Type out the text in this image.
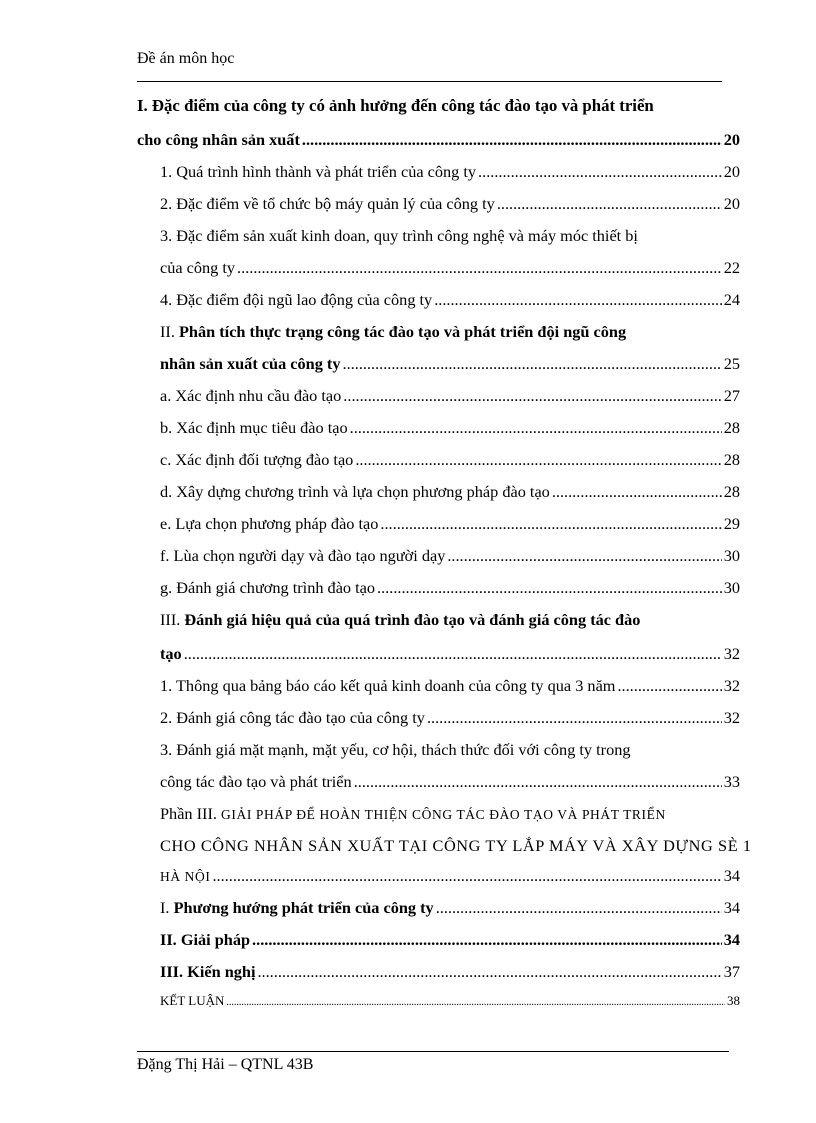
Đề án môn học
I. Đặc điểm của công ty có ảnh hưởng đến công tác đào tạo và phát triển
cho công nhân sản xuất .....	20
1. Quá trình hình thành và phát triển của công ty .....	20
2. Đặc điểm về tổ chức bộ máy quản lý của công ty .....	20
3. Đặc điểm sản xuất kinh doan, quy trình công nghệ và máy móc thiết bị
của công ty .....	22
4. Đặc điểm đội ngũ lao động của công ty .....	24
II. Phân tích thực trạng công tác đào tạo và phát triển đội ngũ công
nhân sản xuất của công ty .....	25
a. Xác định nhu cầu đào tạo .....	27
b. Xác định mục tiêu đào tạo .....	28
c. Xác định đối tượng đào tạo .....	28
d. Xây dựng chương trình và lựa chọn phương pháp đào tạo .....	28
e. Lựa chọn phương pháp đào tạo .....	29
f. Lùa chọn người dạy và đào tạo người dạy .....	30
g. Đánh giá chương trình đào tạo .....	30
III. Đánh giá hiệu quả của quá trình đào tạo và đánh giá công tác đào
tạo .....	32
1. Thông qua bảng báo cáo kết quả kinh doanh của công ty qua 3 năm .....	32
2. Đánh giá công tác đào tạo của công ty .....	32
3. Đánh giá mặt mạnh, mặt yếu, cơ hội, thách thức đối với công ty trong
công tác đào tạo và phát triển .....	33
Phần III. GIẢI PHÁP ĐỂ HOÀN THIỆN CÔNG TÁC ĐÀO TẠO VÀ PHÁT TRIỂN
CHO CÔNG NHÂN SẢN XUẤT TẠI CÔNG TY LẮP MÁY VÀ XÂY DỰNG SÈ 1
HÀ NỘI .....	34
I. Phương hướng phát triển của công ty .....	34
II. Giải pháp .....	34
III. Kiến nghị .....	37
KẾT LUẬN .....	38
Đặng Thị Hải – QTNL 43B
